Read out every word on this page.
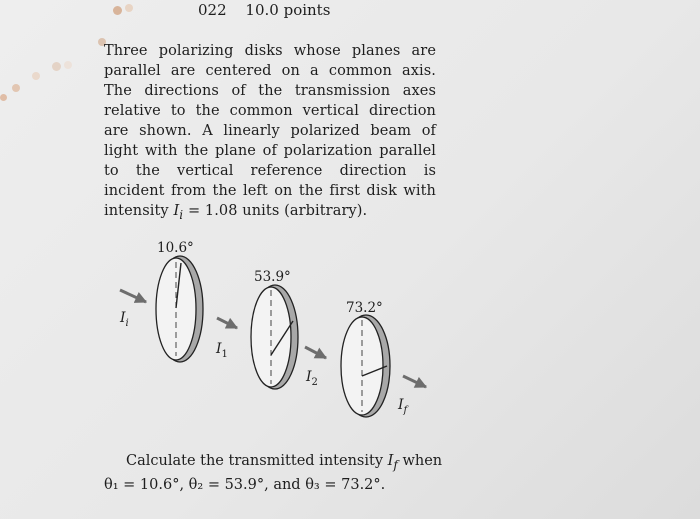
022 10.0 points

Three polarizing disks whose planes are parallel are centered on a common axis. The directions of the transmission axes relative to the common vertical direction are shown. A linearly polarized beam of light with the plane of polarization parallel to the vertical reference direction is incident from the left on the first disk with intensity $I_i = 1.08$ units (arbitrary).

10.6°
53.9°
73.2°
$I_i$
$I_1$
$I_2$
$I_f$
Calculate the transmitted intensity $I_f$ when
θ₁ = 10.6°, θ₂ = 53.9°, and θ₃ = 73.2°.
